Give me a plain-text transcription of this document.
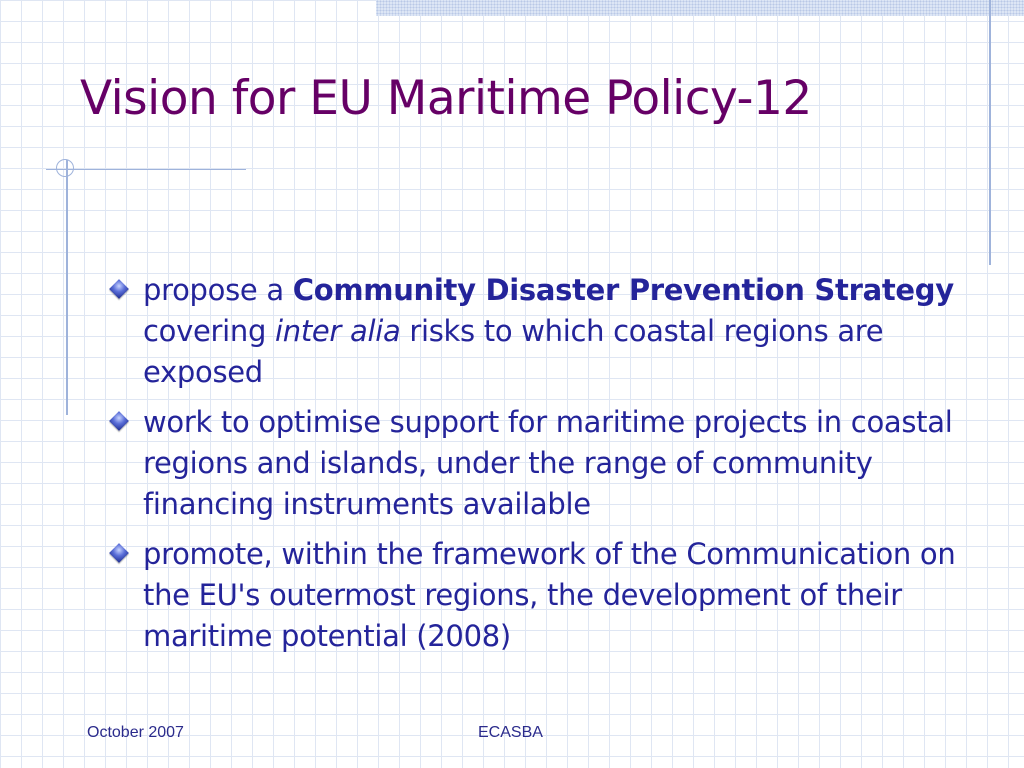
Vision for EU Maritime Policy-12
propose a Community Disaster Prevention Strategy covering inter alia risks to which coastal regions are exposed
work to optimise support for maritime projects in coastal regions and islands, under the range of community financing instruments available
promote, within the framework of the Communication on the EU's outermost regions, the development of their maritime potential (2008)
October 2007	ECASBA
